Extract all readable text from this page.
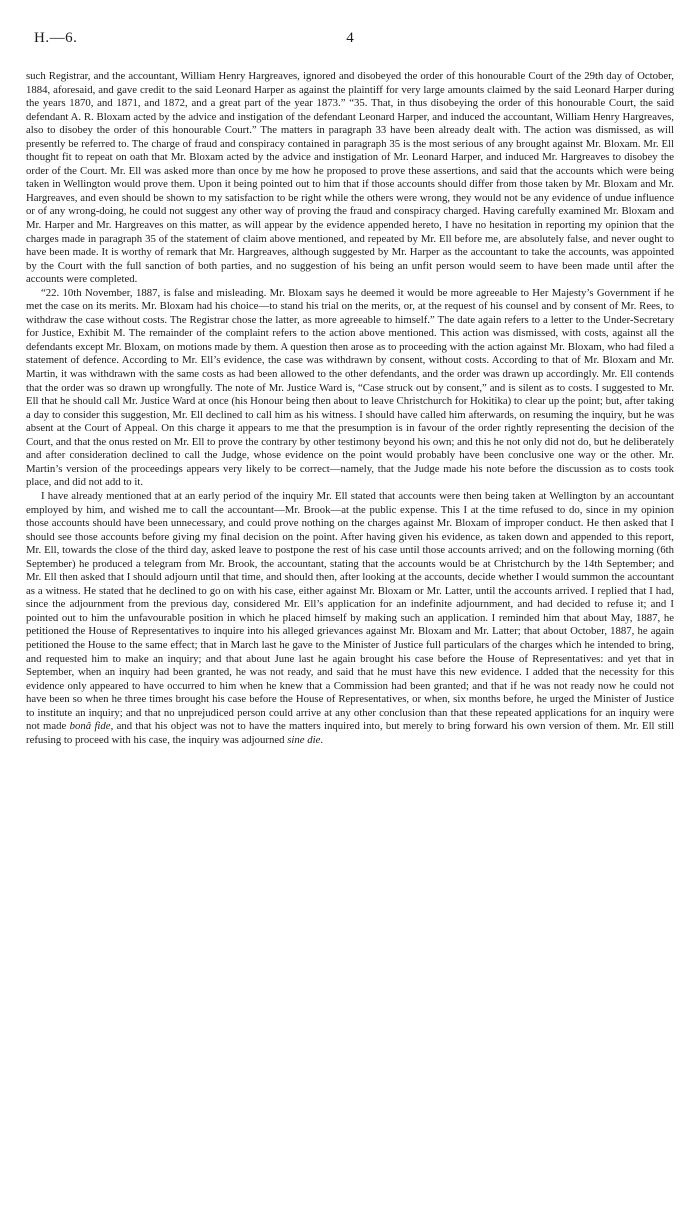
H.—6.	4

such Registrar, and the accountant, William Henry Hargreaves, ignored and disobeyed the order of this honourable Court of the 29th day of October, 1884, aforesaid, and gave credit to the said Leonard Harper as against the plaintiff for very large amounts claimed by the said Leonard Harper during the years 1870, and 1871, and 1872, and a great part of the year 1873.” “35. That, in thus disobeying the order of this honourable Court, the said defendant A. R. Bloxam acted by the advice and instigation of the defendant Leonard Harper, and induced the accountant, William Henry Hargreaves, also to disobey the order of this honourable Court.” The matters in paragraph 33 have been already dealt with. The action was dismissed, as will presently be referred to. The charge of fraud and conspiracy contained in paragraph 35 is the most serious of any brought against Mr. Bloxam. Mr. Ell thought fit to repeat on oath that Mr. Bloxam acted by the advice and instigation of Mr. Leonard Harper, and induced Mr. Hargreaves to disobey the order of the Court. Mr. Ell was asked more than once by me how he proposed to prove these assertions, and said that the accounts which were being taken in Wellington would prove them. Upon it being pointed out to him that if those accounts should differ from those taken by Mr. Bloxam and Mr. Hargreaves, and even should be shown to my satisfaction to be right while the others were wrong, they would not be any evidence of undue influence or of any wrong-doing, he could not suggest any other way of proving the fraud and conspiracy charged. Having carefully examined Mr. Bloxam and Mr. Harper and Mr. Hargreaves on this matter, as will appear by the evidence appended hereto, I have no hesitation in reporting my opinion that the charges made in paragraph 35 of the statement of claim above mentioned, and repeated by Mr. Ell before me, are absolutely false, and never ought to have been made. It is worthy of remark that Mr. Hargreaves, although suggested by Mr. Harper as the accountant to take the accounts, was appointed by the Court with the full sanction of both parties, and no suggestion of his being an unfit person would seem to have been made until after the accounts were completed.

“22. 10th November, 1887, is false and misleading. Mr. Bloxam says he deemed it would be more agreeable to Her Majesty’s Government if he met the case on its merits. Mr. Bloxam had his choice—to stand his trial on the merits, or, at the request of his counsel and by consent of Mr. Rees, to withdraw the case without costs. The Registrar chose the latter, as more agreeable to himself.” The date again refers to a letter to the Under-Secretary for Justice, Exhibit M. The remainder of the complaint refers to the action above mentioned. This action was dismissed, with costs, against all the defendants except Mr. Bloxam, on motions made by them. A question then arose as to proceeding with the action against Mr. Bloxam, who had filed a statement of defence. According to Mr. Ell’s evidence, the case was withdrawn by consent, without costs. According to that of Mr. Bloxam and Mr. Martin, it was withdrawn with the same costs as had been allowed to the other defendants, and the order was drawn up accordingly. Mr. Ell contends that the order was so drawn up wrongfully. The note of Mr. Justice Ward is, “Case struck out by consent,” and is silent as to costs. I suggested to Mr. Ell that he should call Mr. Justice Ward at once (his Honour being then about to leave Christchurch for Hokitika) to clear up the point; but, after taking a day to consider this suggestion, Mr. Ell declined to call him as his witness. I should have called him afterwards, on resuming the inquiry, but he was absent at the Court of Appeal. On this charge it appears to me that the presumption is in favour of the order rightly representing the decision of the Court, and that the onus rested on Mr. Ell to prove the contrary by other testimony beyond his own; and this he not only did not do, but he deliberately and after consideration declined to call the Judge, whose evidence on the point would probably have been conclusive one way or the other. Mr. Martin’s version of the proceedings appears very likely to be correct—namely, that the Judge made his note before the discussion as to costs took place, and did not add to it.

I have already mentioned that at an early period of the inquiry Mr. Ell stated that accounts were then being taken at Wellington by an accountant employed by him, and wished me to call the accountant—Mr. Brook—at the public expense. This I at the time refused to do, since in my opinion those accounts should have been unnecessary, and could prove nothing on the charges against Mr. Bloxam of improper conduct. He then asked that I should see those accounts before giving my final decision on the point. After having given his evidence, as taken down and appended to this report, Mr. Ell, towards the close of the third day, asked leave to postpone the rest of his case until those accounts arrived; and on the following morning (6th September) he produced a telegram from Mr. Brook, the accountant, stating that the accounts would be at Christchurch by the 14th September; and Mr. Ell then asked that I should adjourn until that time, and should then, after looking at the accounts, decide whether I would summon the accountant as a witness. He stated that he declined to go on with his case, either against Mr. Bloxam or Mr. Latter, until the accounts arrived. I replied that I had, since the adjournment from the previous day, considered Mr. Ell’s application for an indefinite adjournment, and had decided to refuse it; and I pointed out to him the unfavourable position in which he placed himself by making such an application. I reminded him that about May, 1887, he petitioned the House of Representatives to inquire into his alleged grievances against Mr. Bloxam and Mr. Latter; that about October, 1887, he again petitioned the House to the same effect; that in March last he gave to the Minister of Justice full particulars of the charges which he intended to bring, and requested him to make an inquiry; and that about June last he again brought his case before the House of Representatives: and yet that in September, when an inquiry had been granted, he was not ready, and said that he must have this new evidence. I added that the necessity for this evidence only appeared to have occurred to him when he knew that a Commission had been granted; and that if he was not ready now he could not have been so when he three times brought his case before the House of Representatives, or when, six months before, he urged the Minister of Justice to institute an inquiry; and that no unprejudiced person could arrive at any other conclusion than that these repeated applications for an inquiry were not made bonâ fide, and that his object was not to have the matters inquired into, but merely to bring forward his own version of them. Mr. Ell still refusing to proceed with his case, the inquiry was adjourned sine die.
